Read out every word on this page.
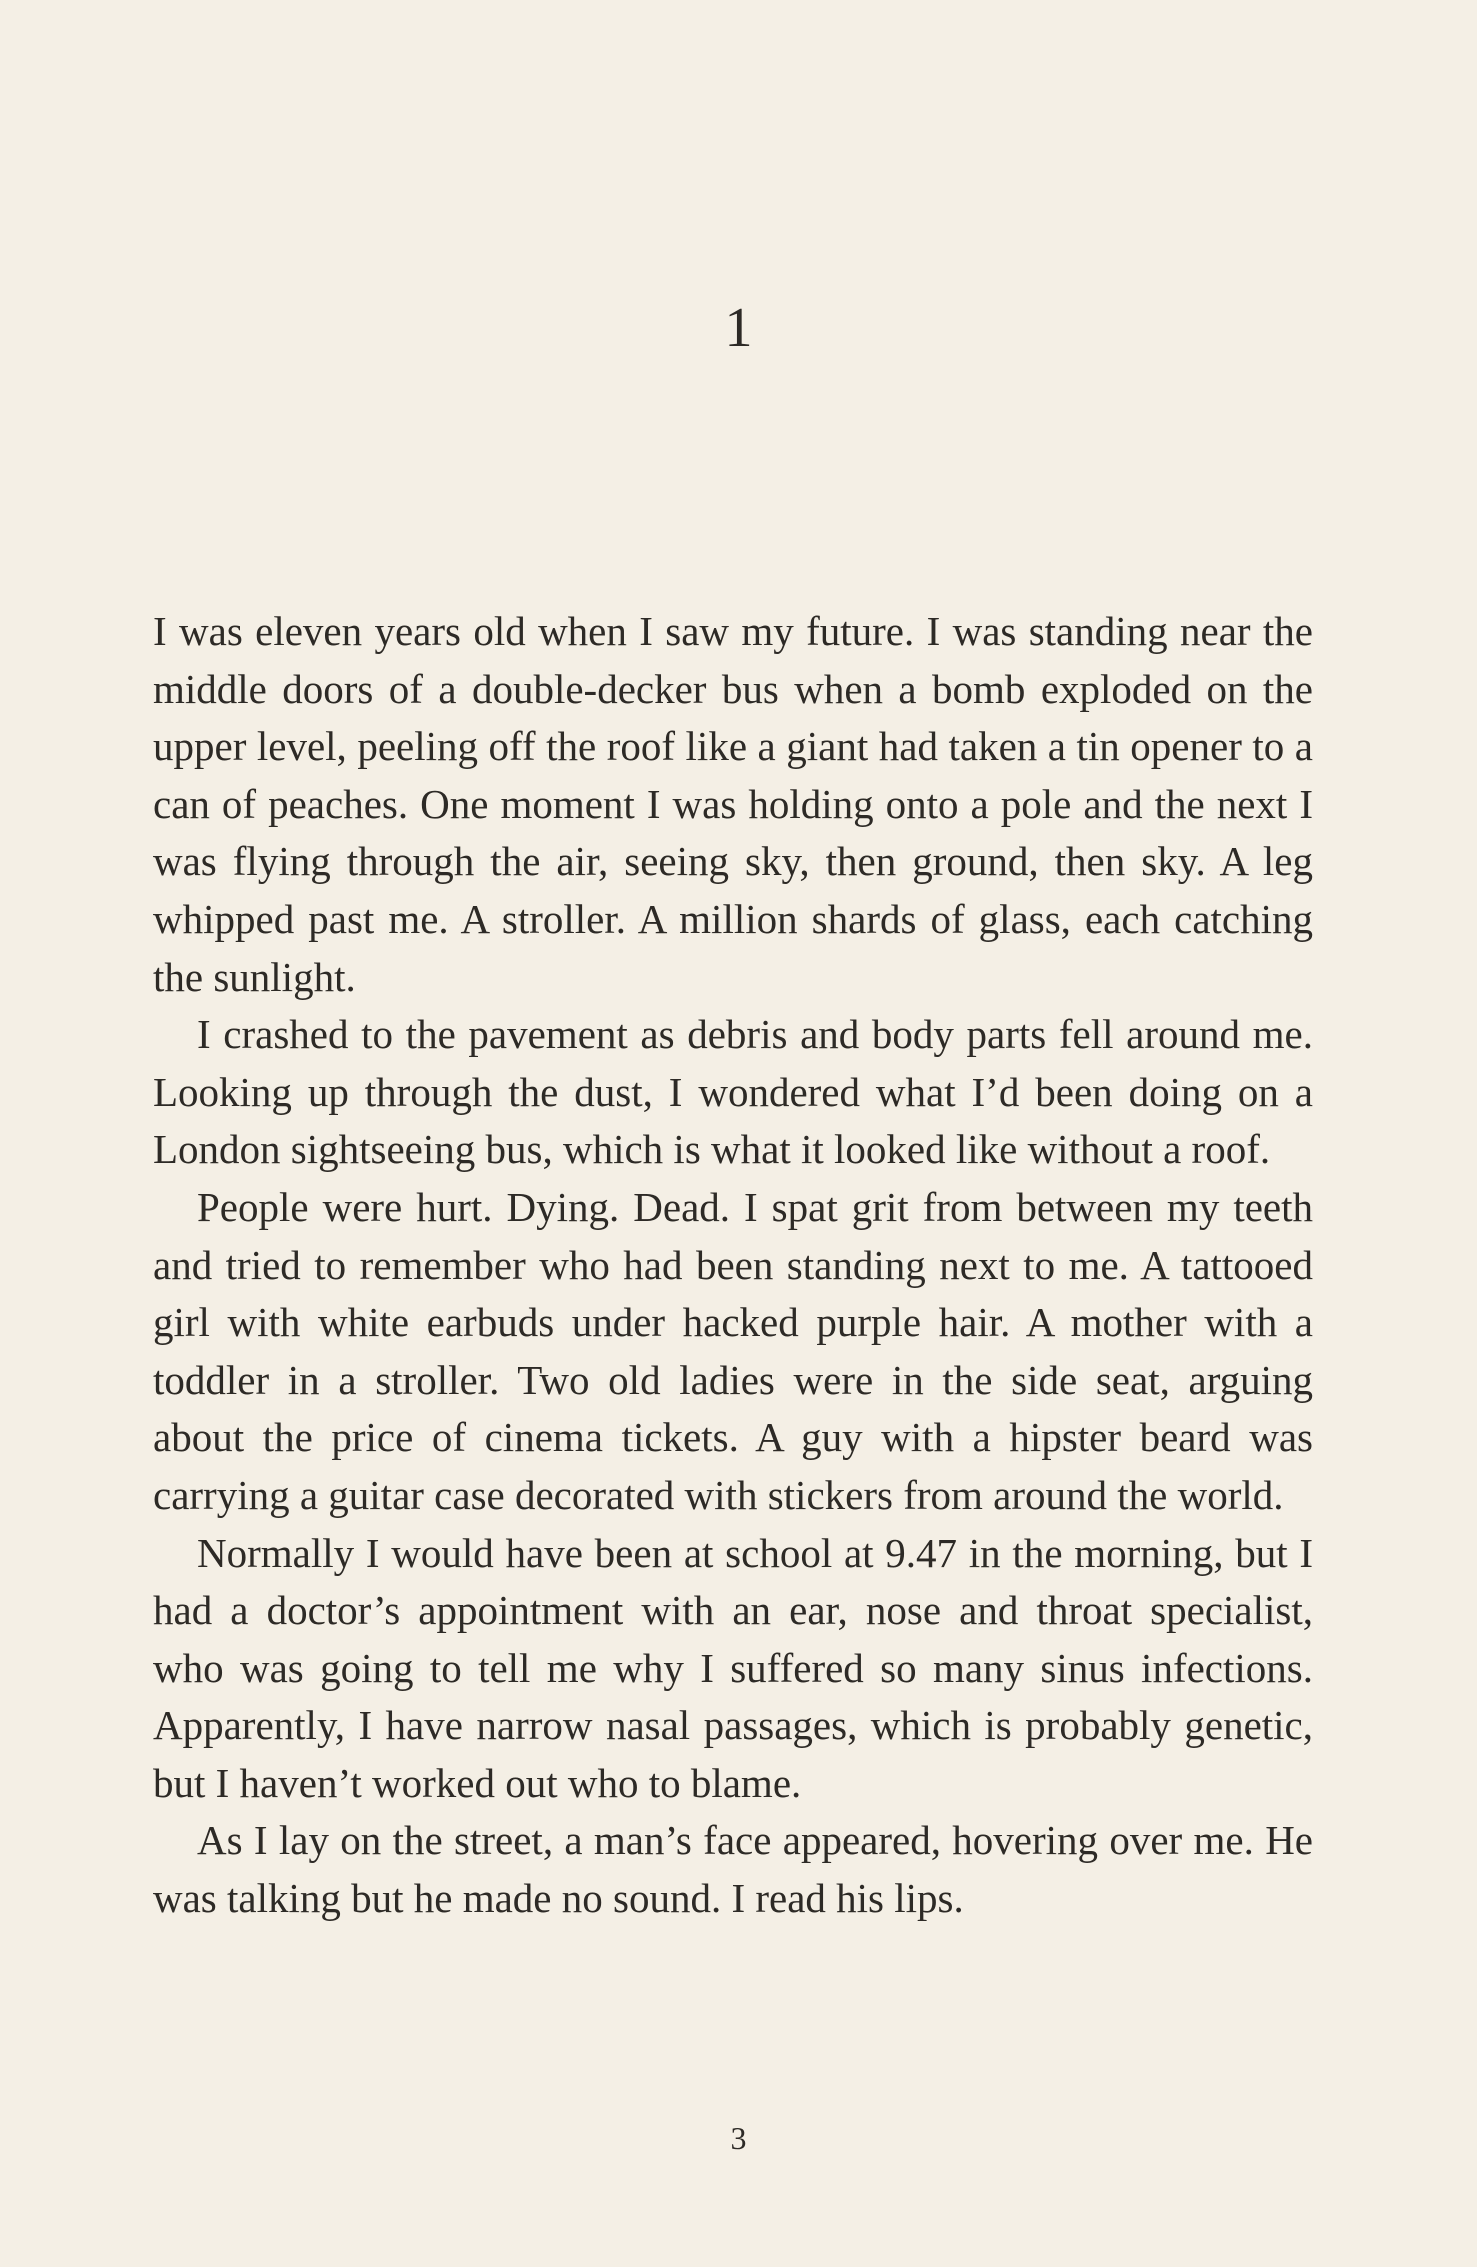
1

I was eleven years old when I saw my future. I was standing near the middle doors of a double-decker bus when a bomb exploded on the upper level, peeling off the roof like a giant had taken a tin opener to a can of peaches. One moment I was holding onto a pole and the next I was flying through the air, seeing sky, then ground, then sky. A leg whipped past me. A stroller. A million shards of glass, each catching the sunlight.

I crashed to the pavement as debris and body parts fell around me. Looking up through the dust, I wondered what I’d been doing on a London sightseeing bus, which is what it looked like without a roof.

People were hurt. Dying. Dead. I spat grit from between my teeth and tried to remember who had been standing next to me. A tattooed girl with white earbuds under hacked purple hair. A mother with a toddler in a stroller. Two old ladies were in the side seat, arguing about the price of cinema tickets. A guy with a hipster beard was carrying a guitar case decorated with stickers from around the world.

Normally I would have been at school at 9.47 in the morning, but I had a doctor’s appointment with an ear, nose and throat specialist, who was going to tell me why I suffered so many sinus infections. Apparently, I have narrow nasal passages, which is probably genetic, but I haven’t worked out who to blame.

As I lay on the street, a man’s face appeared, hovering over me. He was talking but he made no sound. I read his lips.

3
